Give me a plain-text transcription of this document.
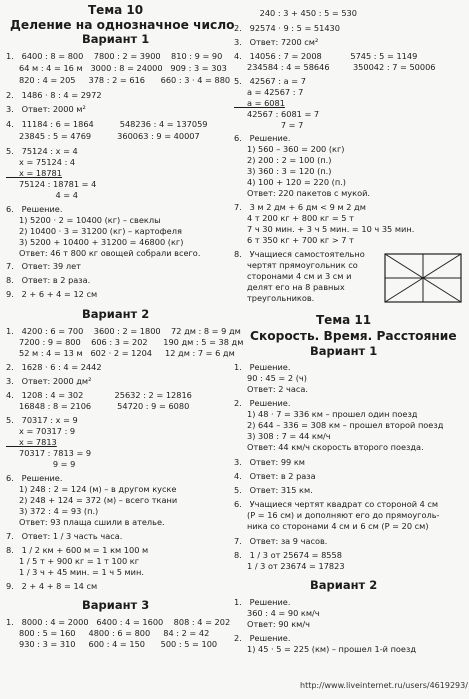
Тема 10
Деление на однозначное число
Вариант 1
1.   6400 : 8 = 800    7800 : 2 = 3900    810 : 9 = 90
64 м : 4 = 16 м   3000 : 8 = 24000   909 : 3 = 303
820 : 4 = 205     378 : 2 = 616      660 : 3 · 4 = 880
2.   1486 · 8 : 4 = 2972
3.   Ответ: 2000 м²
4.   11184 : 6 = 1864          548236 : 4 = 137059
23845 : 5 = 4769          360063 : 9 = 40007
5.   75124 : x = 4
x = 75124 : 4
x = 18781
75124 : 18781 = 4
4 = 4
6.   Решение.
1) 5200 · 2 = 10400 (кг) – свеклы
2) 10400 · 3 = 31200 (кг) – картофеля
3) 5200 + 10400 + 31200 = 46800 (кг)
Ответ: 46 т 800 кг овощей собрали всего.
7.   Ответ: 39 лет
8.   Ответ: в 2 раза.
9.   2 + 6 + 4 = 12 см
Вариант 2
1.   4200 : 6 = 700    3600 : 2 = 1800    72 дм : 8 = 9 дм
7200 : 9 = 800    606 : 3 = 202      190 дм : 5 = 38 дм
52 м : 4 = 13 м   602 · 2 = 1204     12 дм : 7 = 6 дм
2.   1628 · 6 : 4 = 2442
3.   Ответ: 2000 дм²
4.   1208 : 4 = 302            25632 : 2 = 12816
16848 : 8 = 2106          54720 : 9 = 6080
5.   70317 : x = 9
x = 70317 : 9
x = 7813
70317 : 7813 = 9
9 = 9
6.   Решение.
1) 248 : 2 = 124 (м) – в другом куске
2) 248 + 124 = 372 (м) – всего ткани
3) 372 : 4 = 93 (п.)
Ответ: 93 плаща сшили в ателье.
7.   Ответ: 1 / 3 часть часа.
8.   1 / 2 км + 600 м = 1 км 100 м
1 / 5 т + 900 кг = 1 т 100 кг
1 / 3 ч + 45 мин. = 1 ч 5 мин.
9.   2 + 4 + 8 = 14 см
Вариант 3
1.   8000 : 4 = 2000   6400 : 4 = 1600    808 : 4 = 202
800 : 5 = 160     4800 : 6 = 800     84 : 2 = 42
930 : 3 = 310     600 : 4 = 150      500 : 5 = 100
240 : 3 + 450 : 5 = 530
2.   92574 · 9 : 5 = 51430
3.   Ответ: 7200 см²
4.   14056 : 7 = 2008           5745 : 5 = 1149
234584 : 4 = 58646         350042 : 7 = 50006
5.   42567 : a = 7
a = 42567 : 7
a = 6081
42567 : 6081 = 7
7 = 7
6.   Решение.
1) 560 – 360 = 200 (кг)
2) 200 : 2 = 100 (п.)
3) 360 : 3 = 120 (п.)
4) 100 + 120 = 220 (п.)
Ответ: 220 пакетов с мукой.
7.   3 м 2 дм + 6 дм < 9 м 2 дм
4 т 200 кг + 800 кг = 5 т
7 ч 30 мин. + 3 ч 5 мин. = 10 ч 35 мин.
6 т 350 кг + 700 кг > 7 т
8.   Учащиеся самостоятельно
чертят прямоугольник со
сторонами 4 см и 3 см и
делят его на 8 равных
треугольников.
Тема 11
Скорость. Время. Расстояние
Вариант 1
1.   Решение.
90 : 45 = 2 (ч)
Ответ: 2 часа.
2.   Решение.
1) 48 · 7 = 336 км – прошел один поезд
2) 644 – 336 = 308 км – прошел второй поезд
3) 308 : 7 = 44 км/ч
Ответ: 44 км/ч скорость второго поезда.
3.   Ответ: 99 км
4.   Ответ: в 2 раза
5.   Ответ: 315 км.
6.   Учащиеся чертят квадрат со стороной 4 см
(P = 16 см) и дополняют его до прямоуголь-
ника со сторонами 4 см и 6 см (P = 20 см)
7.   Ответ: за 9 часов.
8.   1 / 3 от 25674 = 8558
1 / 3 от 23674 = 17823
Вариант 2
1.   Решение.
360 : 4 = 90 км/ч
Ответ: 90 км/ч
2.   Решение.
1) 45 · 5 = 225 (км) – прошел 1-й поезд
http://www.liveinternet.ru/users/4619293/
